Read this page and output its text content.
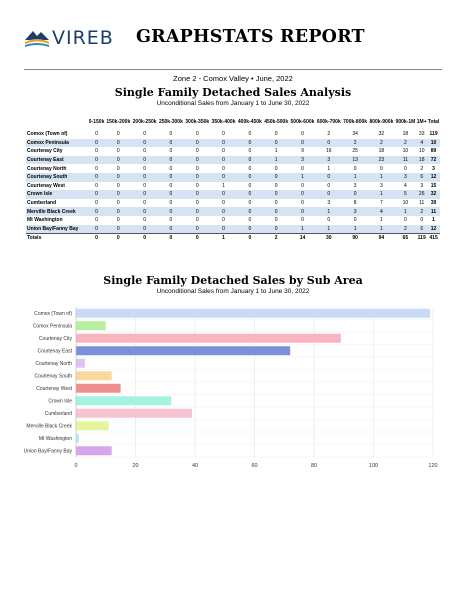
VIREB GRAPHSTATS REPORT
Zone 2 - Comox Valley • June, 2022
Single Family Detached Sales Analysis
Unconditional Sales from January 1 to June 30, 2022
	0-150k	150k-200k	200k-250k	250k-300k	300k-350k	350k-400k	400k-450k	450k-500k	500k-600k	600k-700k	700k-800k	800k-900k	900k-1M	1M+	Total
Comox (Town of)	0	0	0	0	0	0	0	0	0	2	34	32	18	33	119
Comox Peninsula	0	0	0	0	0	0	0	0	0	0	2	2	2	4	10
Courtenay City	0	0	0	0	0	0	0	1	9	16	25	18	10	10	89
Courtenay East	0	0	0	0	0	0	0	1	3	3	13	23	11	18	72
Courtenay North	0	0	0	0	0	0	0	0	0	1	0	0	0	2	3
Courtenay South	0	0	0	0	0	0	0	0	1	0	1	1	3	6	12
Courtenay West	0	0	0	0	0	1	0	0	0	0	3	3	4	3	15
Crown Isle	0	0	0	0	0	0	0	0	0	0	0	1	5	26	32
Cumberland	0	0	0	0	0	0	0	0	0	3	8	7	10	11	39
Merville Black Creek	0	0	0	0	0	0	0	0	0	1	3	4	1	2	11
Mt Washington	0	0	0	0	0	0	0	0	0	0	0	1	0	0	1
Union Bay/Fanny Bay	0	0	0	0	0	0	0	0	1	1	1	1	2	6	12
Totals	0	0	0	0	0	1	0	2	14	30	90	94	65	119	415
Single Family Detached Sales by Sub Area
Unconditional Sales from January 1 to June 30, 2022
0	20	40	60	80	100	120
Comox (Town of)
Comox Peninsula
Courtenay City
Courtenay East
Courtenay North
Courtenay South
Courtenay West
Crown Isle
Cumberland
Merville Black Creek
Mt Washington
Union Bay/Fanny Bay
